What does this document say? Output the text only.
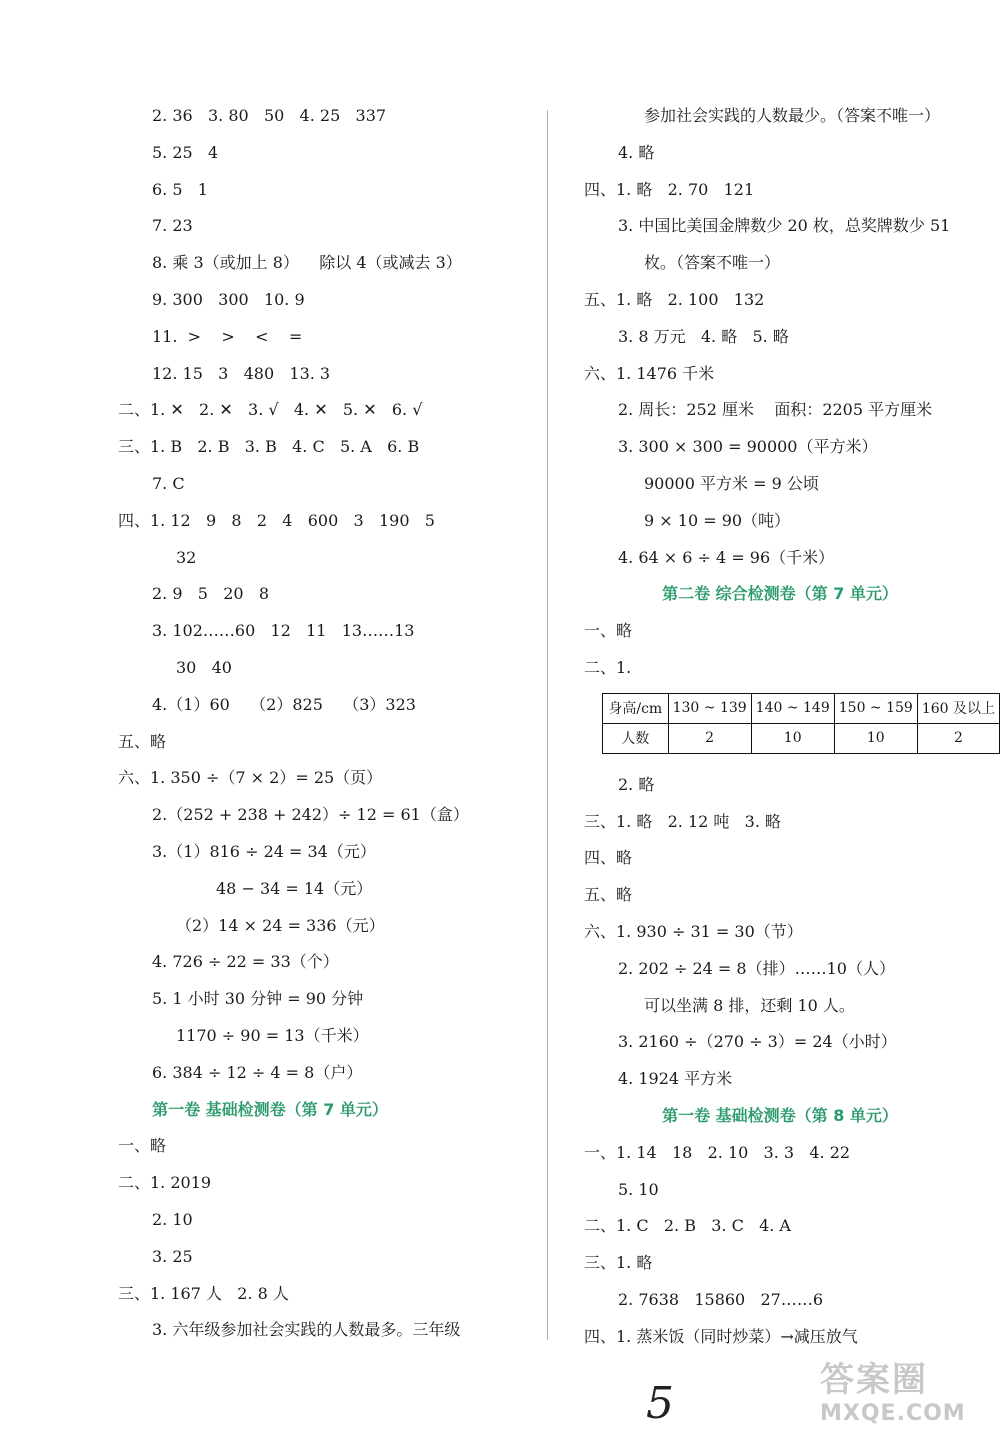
2. 36   3. 80   50   4. 25   337
5. 25   4
6. 5   1
7. 23
8. 乘 3（或加上 8）    除以 4（或减去 3）
9. 300   300   10. 9
11.  >    >    <    =
12. 15   3   480   13. 3
二、1. ✕   2. ✕   3. √   4. ✕   5. ✕   6. √
三、1. B   2. B   3. B   4. C   5. A   6. B
7. C
四、1. 12   9   8   2   4   600   3   190   5
32
2. 9   5   20   8
3. 102……60   12   11   13……13
30   40
4.（1）60    （2）825    （3）323
五、略
六、1. 350 ÷（7 × 2）= 25（页）
2.（252 + 238 + 242）÷ 12 = 61（盒）
3.（1）816 ÷ 24 = 34（元）
48 − 34 = 14（元）
（2）14 × 24 = 336（元）
4. 726 ÷ 22 = 33（个）
5. 1 小时 30 分钟 = 90 分钟
1170 ÷ 90 = 13（千米）
6. 384 ÷ 12 ÷ 4 = 8（户）
第一卷 基础检测卷（第 7 单元）
一、略
二、1. 2019
2. 10
3. 25
三、1. 167 人   2. 8 人
3. 六年级参加社会实践的人数最多。三年级
参加社会实践的人数最少。（答案不唯一）
4. 略
四、1. 略   2. 70   121
3. 中国比美国金牌数少 20 枚，总奖牌数少 51
枚。（答案不唯一）
五、1. 略   2. 100   132
3. 8 万元   4. 略   5. 略
六、1. 1476 千米
2. 周长：252 厘米    面积：2205 平方厘米
3. 300 × 300 = 90000（平方米）
90000 平方米 = 9 公顷
9 × 10 = 90（吨）
4. 64 × 6 ÷ 4 = 96（千米）
第二卷 综合检测卷（第 7 单元）
一、略
二、1.
身高/cm	130 ~ 139	140 ~ 149	150 ~ 159	160 及以上
人数	2	10	10	2
2. 略
三、1. 略   2. 12 吨   3. 略
四、略
五、略
六、1. 930 ÷ 31 = 30（节）
2. 202 ÷ 24 = 8（排）……10（人）
可以坐满 8 排，还剩 10 人。
3. 2160 ÷（270 ÷ 3）= 24（小时）
4. 1924 平方米
第一卷 基础检测卷（第 8 单元）
一、1. 14   18   2. 10   3. 3   4. 22
5. 10
二、1. C   2. B   3. C   4. A
三、1. 略
2. 7638   15860   27……6
四、1. 蒸米饭（同时炒菜）→减压放气
5	答案圈
MXQE.COM
